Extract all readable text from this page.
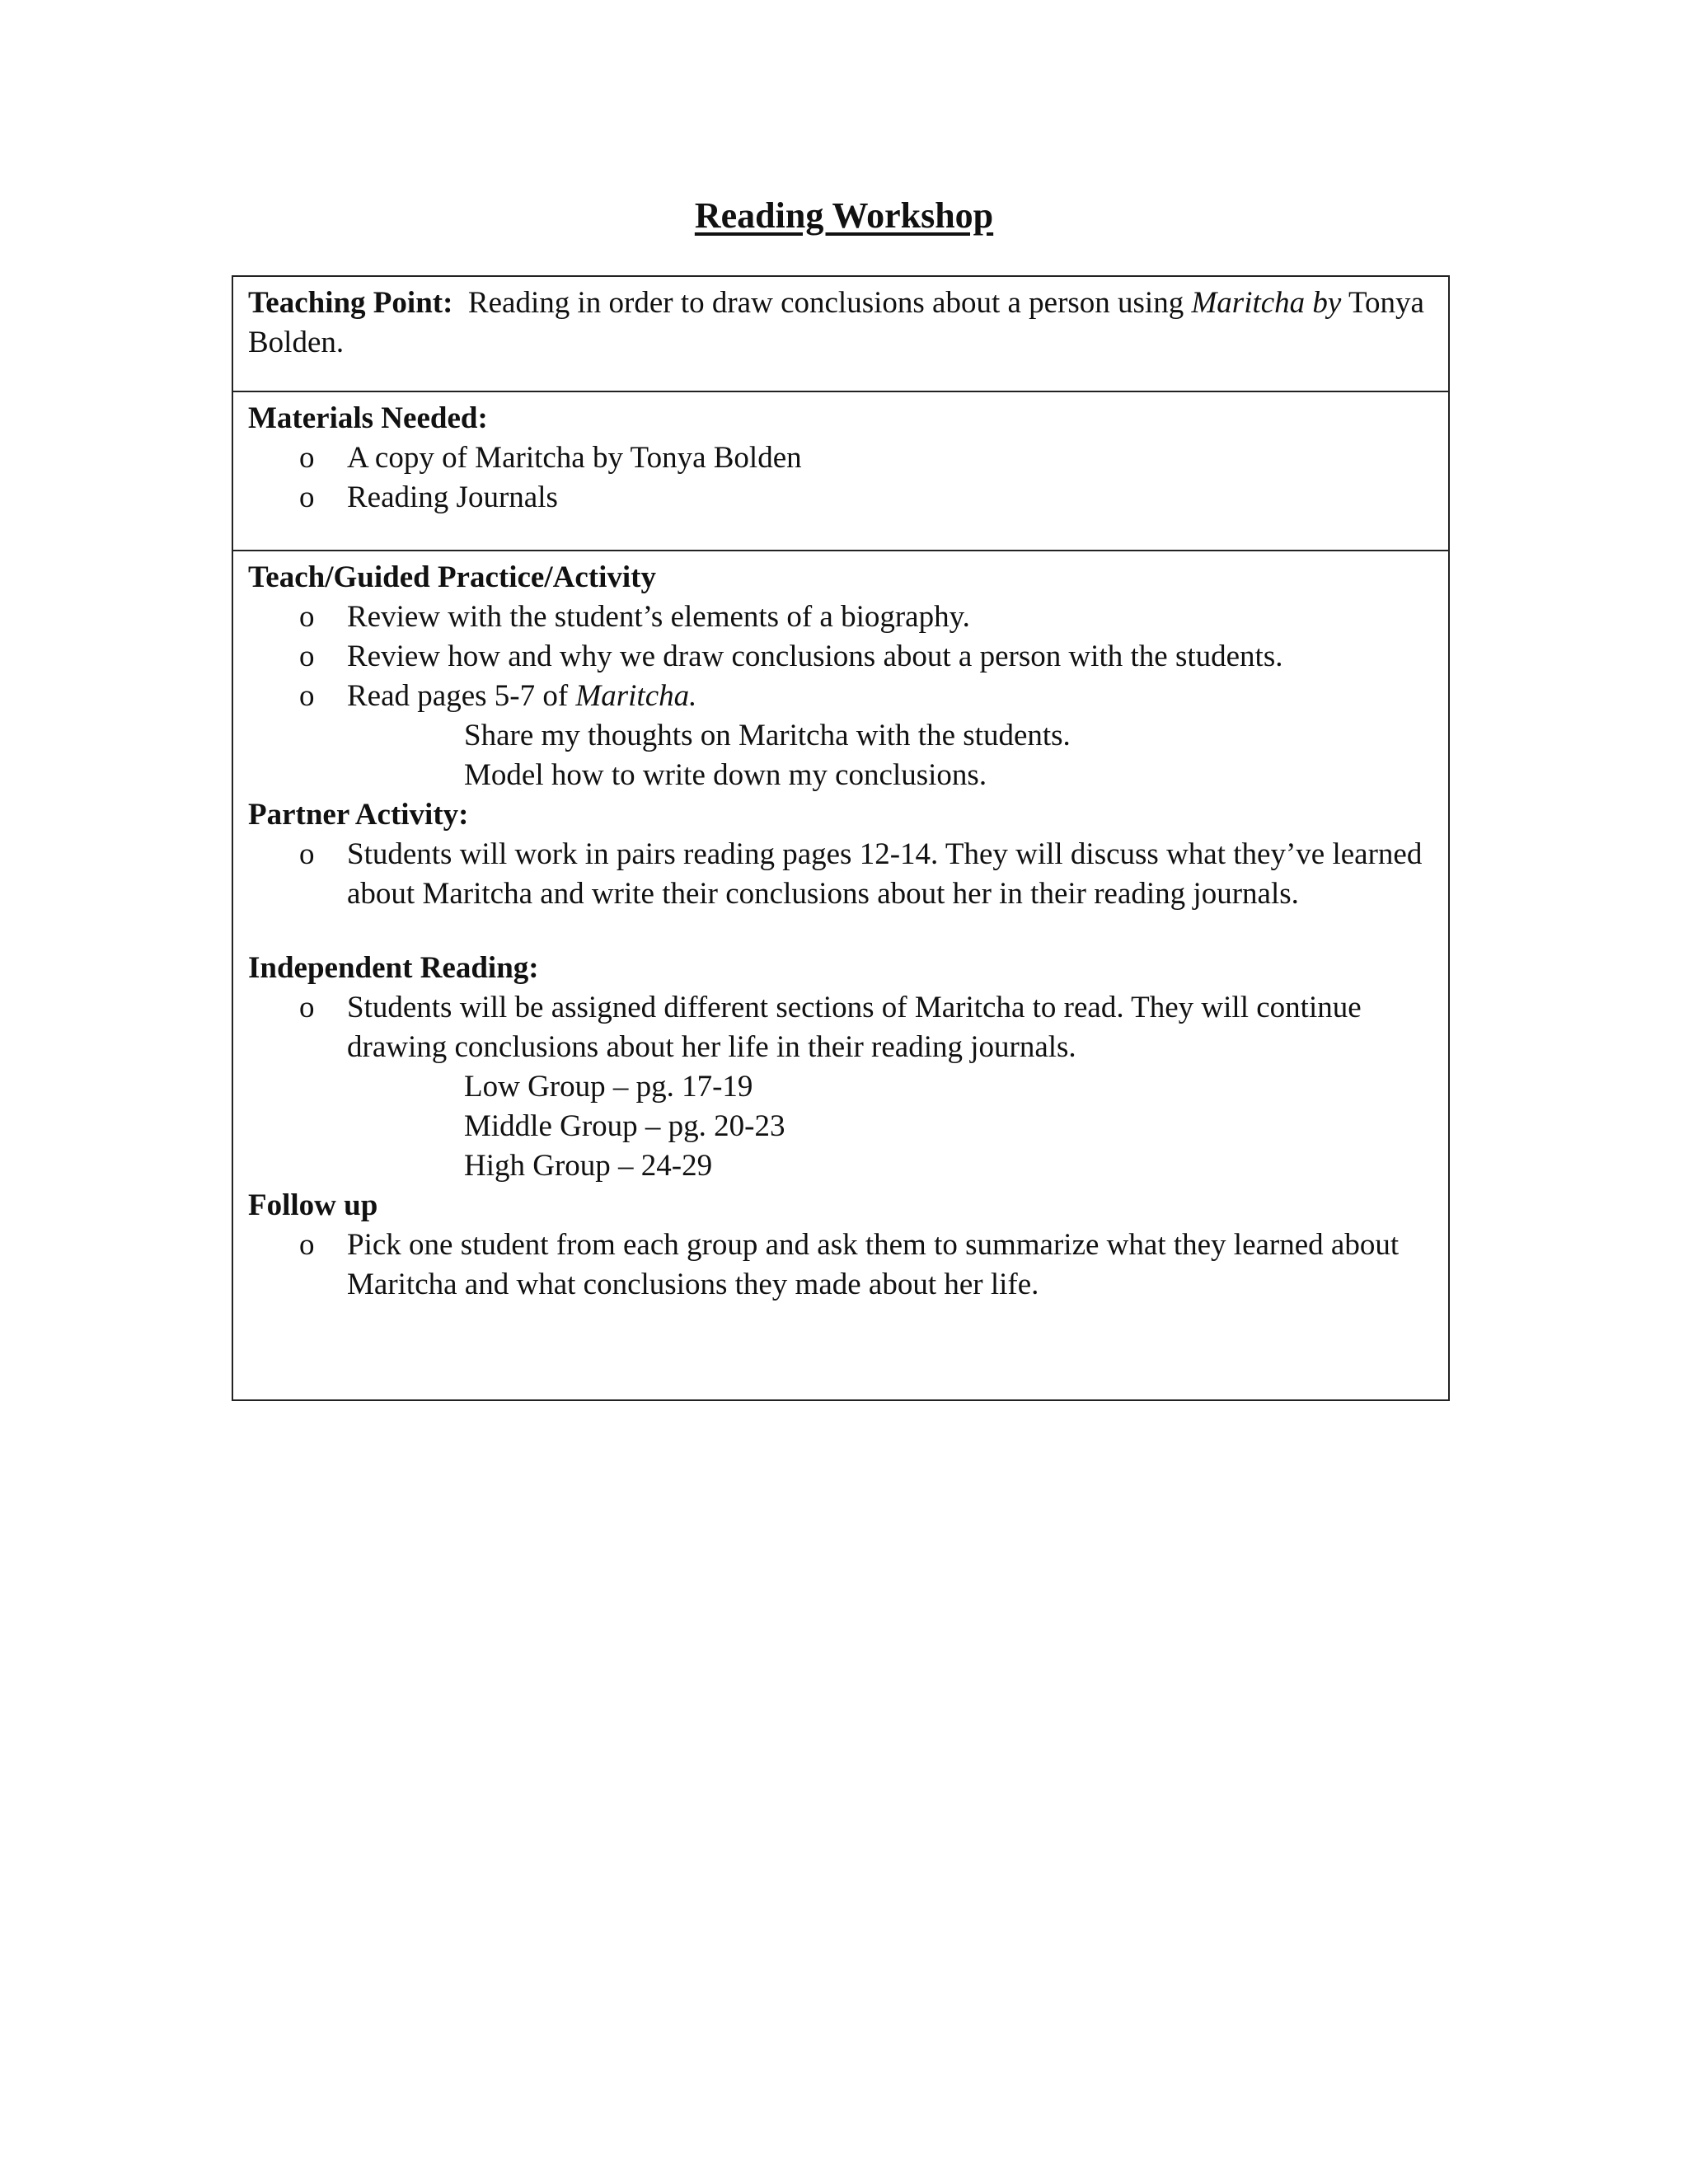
Reading Workshop
Teaching Point: Reading in order to draw conclusions about a person using Maritcha by Tonya Bolden.
Materials Needed:
o A copy of Maritcha by Tonya Bolden
o Reading Journals
Teach/Guided Practice/Activity
o Review with the student’s elements of a biography.
o Review how and why we draw conclusions about a person with the students.
o Read pages 5-7 of Maritcha.
Share my thoughts on Maritcha with the students.
Model how to write down my conclusions.
Partner Activity:
o Students will work in pairs reading pages 12-14. They will discuss what they’ve learned about Maritcha and write their conclusions about her in their reading journals.
Independent Reading:
o Students will be assigned different sections of Maritcha to read. They will continue drawing conclusions about her life in their reading journals.
Low Group – pg. 17-19
Middle Group – pg. 20-23
High Group – 24-29
Follow up
o Pick one student from each group and ask them to summarize what they learned about Maritcha and what conclusions they made about her life.
